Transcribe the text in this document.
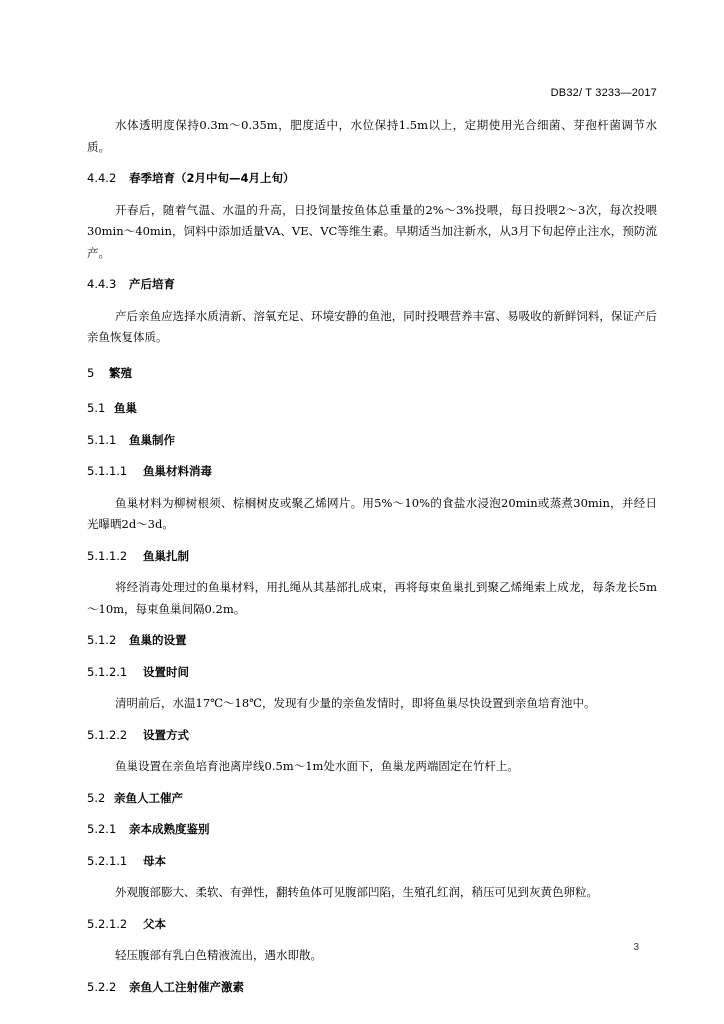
DB32/ T 3233—2017

水体透明度保持0.3m～0.35m，肥度适中，水位保持1.5m以上，定期使用光合细菌、芽孢杆菌调节水质。

4.4.2 春季培育（2月中旬—4月上旬）

开春后，随着气温、水温的升高，日投饲量按鱼体总重量的2%～3%投喂，每日投喂2～3次，每次投喂30min～40min，饲料中添加适量VA、VE、VC等维生素。早期适当加注新水，从3月下旬起停止注水，预防流产。

4.4.3 产后培育

产后亲鱼应选择水质清新、溶氧充足、环境安静的鱼池，同时投喂营养丰富、易吸收的新鲜饲料，保证产后亲鱼恢复体质。

5 繁殖

5.1 鱼巢

5.1.1 鱼巢制作

5.1.1.1 鱼巢材料消毒

鱼巢材料为柳树根须、棕榈树皮或聚乙烯网片。用5%～10%的食盐水浸泡20min或蒸煮30min，并经日光曝晒2d～3d。

5.1.1.2 鱼巢扎制

将经消毒处理过的鱼巢材料，用扎绳从其基部扎成束，再将每束鱼巢扎到聚乙烯绳索上成龙，每条龙长5m～10m，每束鱼巢间隔0.2m。

5.1.2 鱼巢的设置

5.1.2.1 设置时间

清明前后，水温17℃～18℃，发现有少量的亲鱼发情时，即将鱼巢尽快设置到亲鱼培育池中。

5.1.2.2 设置方式

鱼巢设置在亲鱼培育池离岸线0.5m～1m处水面下，鱼巢龙两端固定在竹杆上。

5.2 亲鱼人工催产

5.2.1 亲本成熟度鉴别

5.2.1.1 母本

外观腹部膨大、柔软、有弹性，翻转鱼体可见腹部凹陷，生殖孔红润，稍压可见到灰黄色卵粒。

5.2.1.2 父本

轻压腹部有乳白色精液流出，遇水即散。

5.2.2 亲鱼人工注射催产激素

3
